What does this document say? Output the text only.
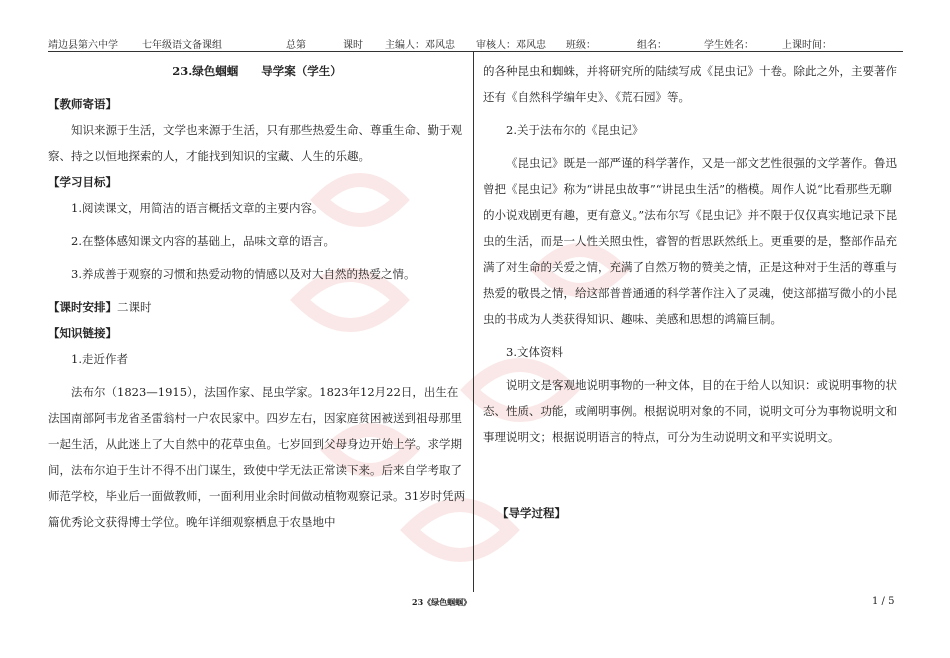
靖边县第六中学 七年级语文备课组	总第	课时 主编人：邓风忠 审核人：邓风忠 班级：	组名：	学生姓名：	上课时间：

23.绿色蝈蝈　　导学案（学生）

【教师寄语】

知识来源于生活，文学也来源于生活，只有那些热爱生命、尊重生命、勤于观察、持之以恒地探索的人，才能找到知识的宝藏、人生的乐趣。

【学习目标】

1.阅读课文，用简洁的语言概括文章的主要内容。

2.在整体感知课文内容的基础上，品味文章的语言。

3.养成善于观察的习惯和热爱动物的情感以及对大自然的热爱之情。

【课时安排】二课时

【知识链接】

1.走近作者

法布尔（1823—1915），法国作家、昆虫学家。1823年12月22日，出生在法国南部阿韦龙省圣雷翁村一户农民家中。四岁左右，因家庭贫困被送到祖母那里一起生活，从此迷上了大自然中的花草虫鱼。七岁回到父母身边开始上学。求学期间，法布尔迫于生计不得不出门谋生，致使中学无法正常读下来。后来自学考取了师范学校，毕业后一面做教师，一面利用业余时间做动植物观察记录。31岁时凭两篇优秀论文获得博士学位。晚年详细观察栖息于农垦地中

的各种昆虫和蜘蛛，并将研究所的陆续写成《昆虫记》十卷。除此之外，主要著作还有《自然科学编年史》、《荒石园》等。

2.关于法布尔的《昆虫记》

《昆虫记》既是一部严谨的科学著作，又是一部文艺性很强的文学著作。鲁迅曾把《昆虫记》称为“讲昆虫故事”“讲昆虫生活”的楷模。周作人说“比看那些无聊的小说戏剧更有趣，更有意义。”法布尔写《昆虫记》并不限于仅仅真实地记录下昆虫的生活，而是一人性关照虫性，睿智的哲思跃然纸上。更重要的是，整部作品充满了对生命的关爱之情，充满了自然万物的赞美之情，正是这种对于生活的尊重与热爱的敬畏之情，给这部普普通通的科学著作注入了灵魂，使这部描写微小的小昆虫的书成为人类获得知识、趣味、美感和思想的鸿篇巨制。

3.文体资料

说明文是客观地说明事物的一种文体，目的在于给人以知识：或说明事物的状态、性质、功能，或阐明事例。根据说明对象的不同，说明文可分为事物说明文和事理说明文；根据说明语言的特点，可分为生动说明文和平实说明文。

【导学过程】

23《绿色蝈蝈》	1 / 5
